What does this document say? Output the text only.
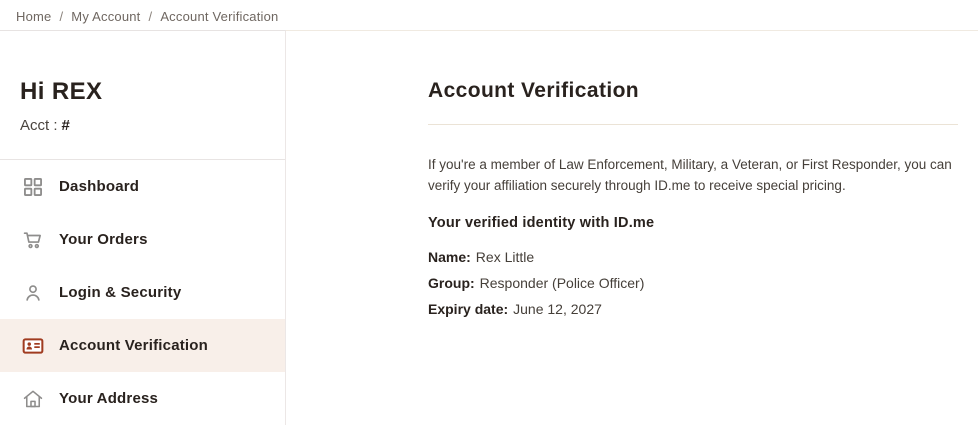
Home / My Account / Account Verification
Hi REX
Acct : #
Dashboard
Your Orders
Login & Security
Account Verification
Your Address
Account Verification

If you're a member of Law Enforcement, Military, a Veteran, or First Responder, you can verify your affiliation securely through ID.me to receive special pricing.

Your verified identity with ID.me
Name: Rex Little
Group: Responder (Police Officer)
Expiry date: June 12, 2027
